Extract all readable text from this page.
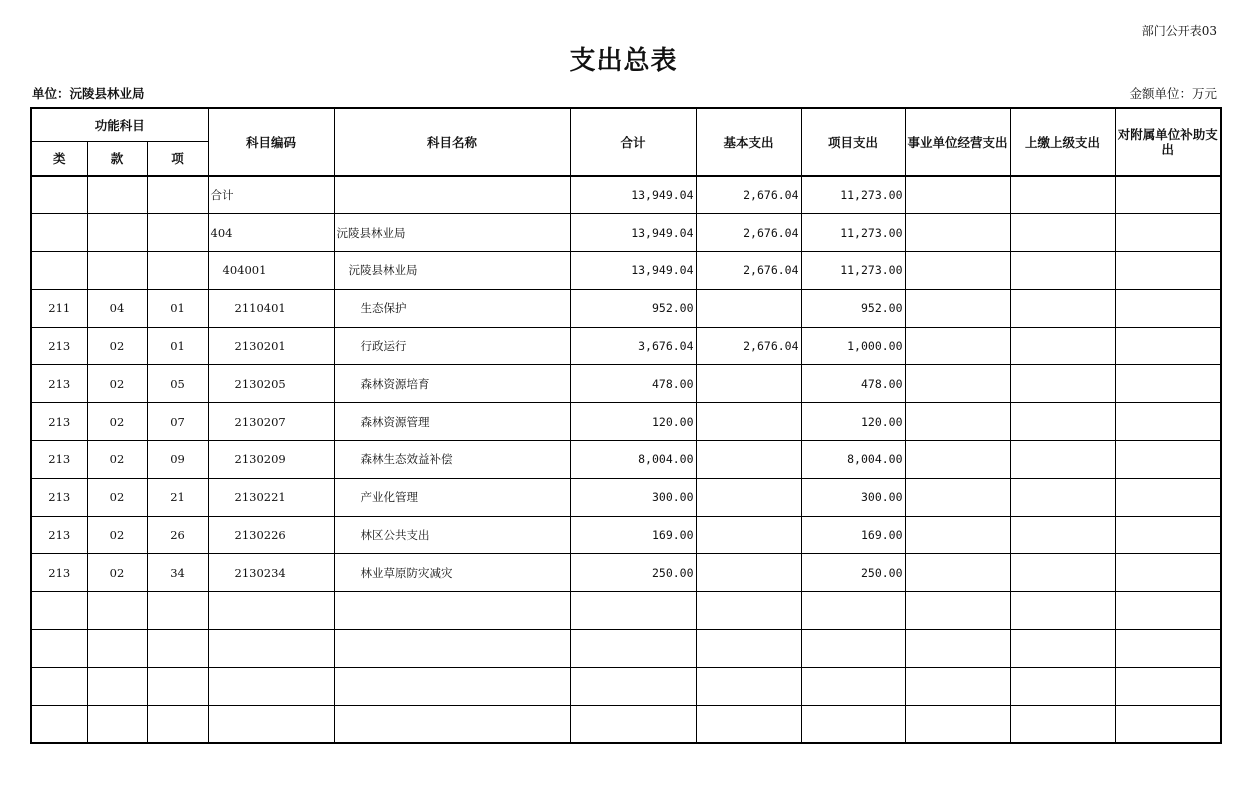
部门公开表03
支出总表
单位：沅陵县林业局	金额单位：万元
功能科目			科目编码	科目名称	合计	基本支出	项目支出	事业单位经营支出	上缴上级支出	对附属单位补助支出
类	款	项								
			合计		13,949.04	2,676.04	11,273.00			
			404	沅陵县林业局	13,949.04	2,676.04	11,273.00			
			404001	沅陵县林业局	13,949.04	2,676.04	11,273.00			
211	04	01	2110401	生态保护	952.00		952.00			
213	02	01	2130201	行政运行	3,676.04	2,676.04	1,000.00			
213	02	05	2130205	森林资源培育	478.00		478.00			
213	02	07	2130207	森林资源管理	120.00		120.00			
213	02	09	2130209	森林生态效益补偿	8,004.00		8,004.00			
213	02	21	2130221	产业化管理	300.00		300.00			
213	02	26	2130226	林区公共支出	169.00		169.00			
213	02	34	2130234	林业草原防灾减灾	250.00		250.00			
